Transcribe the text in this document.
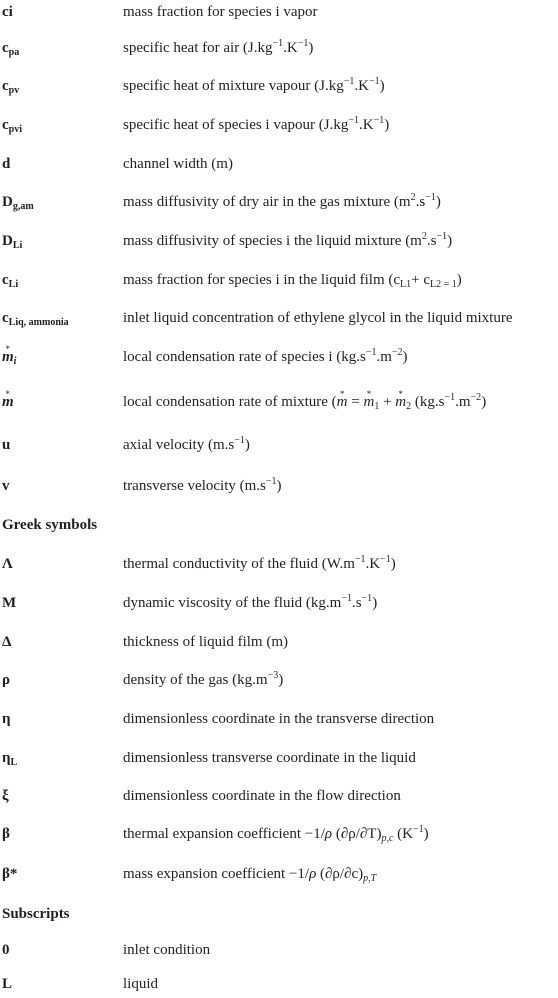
ci	mass fraction for species i vapor
$c_{pa}$	specific heat for air $(J.kg^{-1}.K^{-1})$
$c_{pv}$	specific heat of mixture vapour $(J.kg^{-1}.K^{-1})$
$c_{pvi}$	specific heat of species i vapour $(J.kg^{-1}.K^{-1})$
d	channel width (m)
$D_{g,am}$	mass diffusivity of dry air in the gas mixture $(m^2.s^{-1})$
$D_{Li}$	mass diffusivity of species i the liquid mixture $(m^2.s^{-1})$
$c_{Li}$	mass fraction for species i in the liquid film $(c_{L1}+ c_{L2 = 1})$
$c_{Liq, ammonia}$	inlet liquid concentration of ethylene glycol in the liquid mixture
* $m_i$	local condensation rate of species i $(kg.s^{-1}.m^{-2})$
* m	local condensation rate of mixture (* m = * $m_1$ + * $m_2$ $(kg.s^{-1}.m^{-2})$
u	axial velocity $(m.s^{-1})$
v	transverse velocity $(m.s^{-1})$
Greek symbols
Λ	thermal conductivity of the fluid $(W.m^{-1}.K^{-1})$
M	dynamic viscosity of the fluid $(kg.m^{-1}.s^{-1})$
Δ	thickness of liquid film (m)
ρ	density of the gas $(kg.m^{-3})$
η	dimensionless coordinate in the transverse direction
$\eta_L$	dimensionless transverse coordinate in the liquid
ξ	dimensionless coordinate in the flow direction
β	thermal expansion coefficient −1/ρ $(\partial\rho/\partial T)_{p,c}$ $(K^{-1})$
β*	mass expansion coefficient −1/ρ $(\partial\rho/\partial c)_{p,T}$
Subscripts
0	inlet condition
L	liquid
